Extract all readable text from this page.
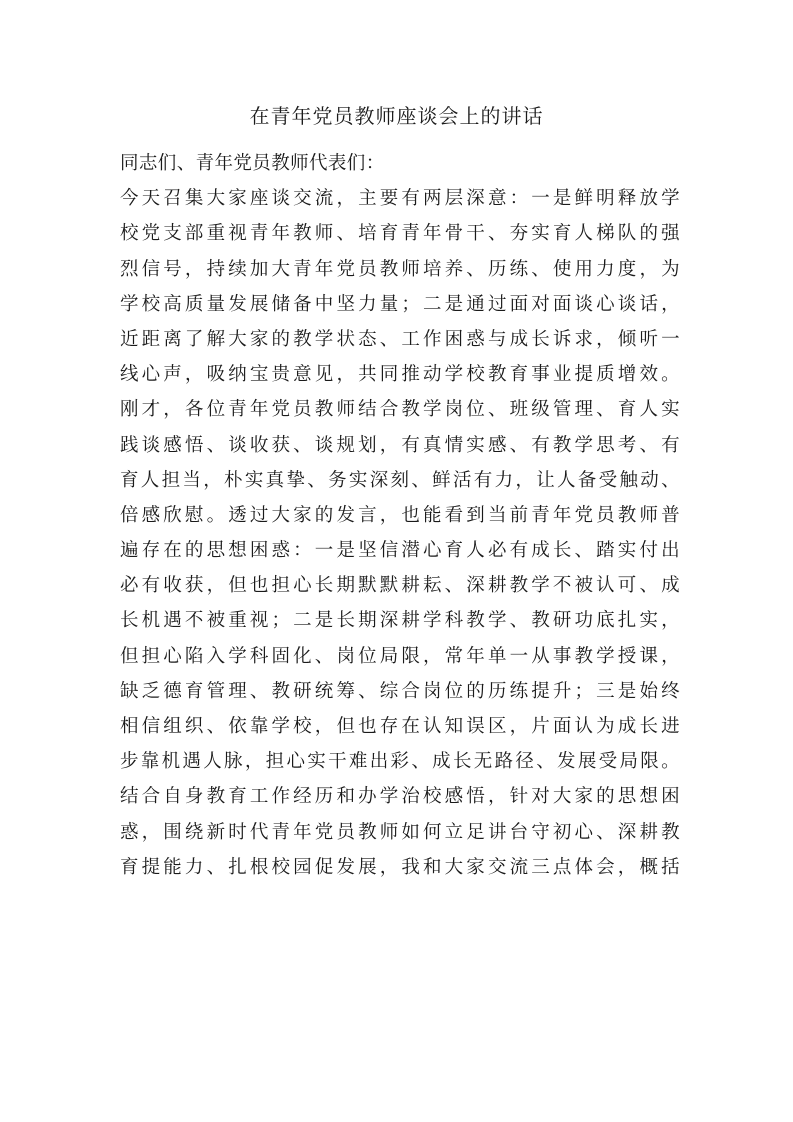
在青年党员教师座谈会上的讲话
同志们、青年党员教师代表们：
今天召集大家座谈交流，主要有两层深意：一是鲜明释放学
校党支部重视青年教师、培育青年骨干、夯实育人梯队的强
烈信号，持续加大青年党员教师培养、历练、使用力度，为
学校高质量发展储备中坚力量；二是通过面对面谈心谈话，
近距离了解大家的教学状态、工作困惑与成长诉求，倾听一
线心声，吸纳宝贵意见，共同推动学校教育事业提质增效。
刚才，各位青年党员教师结合教学岗位、班级管理、育人实
践谈感悟、谈收获、谈规划，有真情实感、有教学思考、有
育人担当，朴实真挚、务实深刻、鲜活有力，让人备受触动、
倍感欣慰。透过大家的发言，也能看到当前青年党员教师普
遍存在的思想困惑：一是坚信潜心育人必有成长、踏实付出
必有收获，但也担心长期默默耕耘、深耕教学不被认可、成
长机遇不被重视；二是长期深耕学科教学、教研功底扎实，
但担心陷入学科固化、岗位局限，常年单一从事教学授课，
缺乏德育管理、教研统筹、综合岗位的历练提升；三是始终
相信组织、依靠学校，但也存在认知误区，片面认为成长进
步靠机遇人脉，担心实干难出彩、成长无路径、发展受局限。
结合自身教育工作经历和办学治校感悟，针对大家的思想困
惑，围绕新时代青年党员教师如何立足讲台守初心、深耕教
育提能力、扎根校园促发展，我和大家交流三点体会，概括
